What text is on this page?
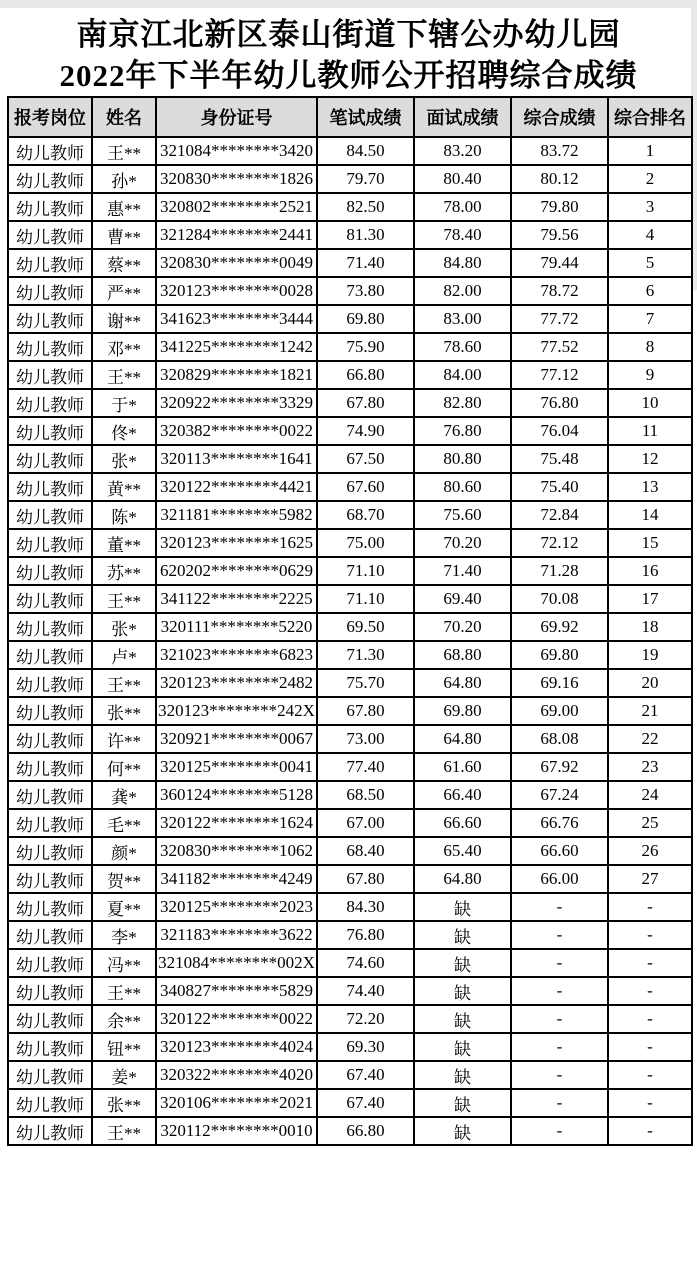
南京江北新区泰山街道下辖公办幼儿园
2022年下半年幼儿教师公开招聘综合成绩
报考岗位	姓名	身份证号	笔试成绩	面试成绩	综合成绩	综合排名
幼儿教师	王**	321084********3420	84.50	83.20	83.72	1
幼儿教师	孙*	320830********1826	79.70	80.40	80.12	2
幼儿教师	惠**	320802********2521	82.50	78.00	79.80	3
幼儿教师	曹**	321284********2441	81.30	78.40	79.56	4
幼儿教师	蔡**	320830********0049	71.40	84.80	79.44	5
幼儿教师	严**	320123********0028	73.80	82.00	78.72	6
幼儿教师	谢**	341623********3444	69.80	83.00	77.72	7
幼儿教师	邓**	341225********1242	75.90	78.60	77.52	8
幼儿教师	王**	320829********1821	66.80	84.00	77.12	9
幼儿教师	于*	320922********3329	67.80	82.80	76.80	10
幼儿教师	佟*	320382********0022	74.90	76.80	76.04	11
幼儿教师	张*	320113********1641	67.50	80.80	75.48	12
幼儿教师	黄**	320122********4421	67.60	80.60	75.40	13
幼儿教师	陈*	321181********5982	68.70	75.60	72.84	14
幼儿教师	董**	320123********1625	75.00	70.20	72.12	15
幼儿教师	苏**	620202********0629	71.10	71.40	71.28	16
幼儿教师	王**	341122********2225	71.10	69.40	70.08	17
幼儿教师	张*	320111********5220	69.50	70.20	69.92	18
幼儿教师	卢*	321023********6823	71.30	68.80	69.80	19
幼儿教师	王**	320123********2482	75.70	64.80	69.16	20
幼儿教师	张**	320123********242X	67.80	69.80	69.00	21
幼儿教师	许**	320921********0067	73.00	64.80	68.08	22
幼儿教师	何**	320125********0041	77.40	61.60	67.92	23
幼儿教师	龚*	360124********5128	68.50	66.40	67.24	24
幼儿教师	毛**	320122********1624	67.00	66.60	66.76	25
幼儿教师	颜*	320830********1062	68.40	65.40	66.60	26
幼儿教师	贺**	341182********4249	67.80	64.80	66.00	27
幼儿教师	夏**	320125********2023	84.30	缺	-	-
幼儿教师	李*	321183********3622	76.80	缺	-	-
幼儿教师	冯**	321084********002X	74.60	缺	-	-
幼儿教师	王**	340827********5829	74.40	缺	-	-
幼儿教师	余**	320122********0022	72.20	缺	-	-
幼儿教师	钮**	320123********4024	69.30	缺	-	-
幼儿教师	姜*	320322********4020	67.40	缺	-	-
幼儿教师	张**	320106********2021	67.40	缺	-	-
幼儿教师	王**	320112********0010	66.80	缺	-	-
